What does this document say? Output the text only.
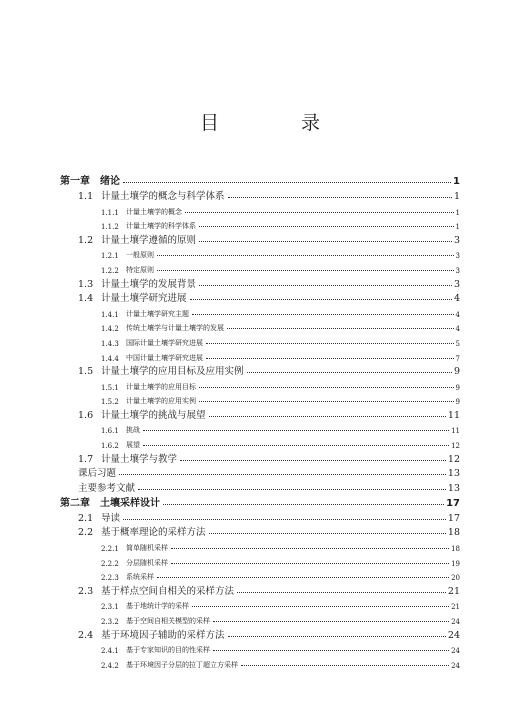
目 录
第一章	绪论	1
1.1 计量土壤学的概念与科学体系	1
1.1.1	计量土壤学的概念	1
1.1.2	计量土壤学的科学体系	1
1.2 计量土壤学遵循的原则	3
1.2.1	一般原则	3
1.2.2	特定原则	3
1.3 计量土壤学的发展背景	3
1.4 计量土壤学研究进展	4
1.4.1	计量土壤学研究主题	4
1.4.2	传统土壤学与计量土壤学的发展	4
1.4.3	国际计量土壤学研究进展	5
1.4.4	中国计量土壤学研究进展	7
1.5 计量土壤学的应用目标及应用实例	9
1.5.1	计量土壤学的应用目标	9
1.5.2	计量土壤学的应用实例	9
1.6 计量土壤学的挑战与展望	11
1.6.1	挑战	11
1.6.2	展望	12
1.7 计量土壤学与教学	12
课后习题	13
主要参考文献	13
第二章	土壤采样设计	17
2.1 导读	17
2.2 基于概率理论的采样方法	18
2.2.1	简单随机采样	18
2.2.2	分层随机采样	19
2.2.3	系统采样	20
2.3 基于样点空间自相关的采样方法	21
2.3.1	基于地统计学的采样	21
2.3.2	基于空间自相关模型的采样	24
2.4 基于环境因子辅助的采样方法	24
2.4.1	基于专家知识的目的性采样	24
2.4.2	基于环境因子分层的拉丁超立方采样	24
